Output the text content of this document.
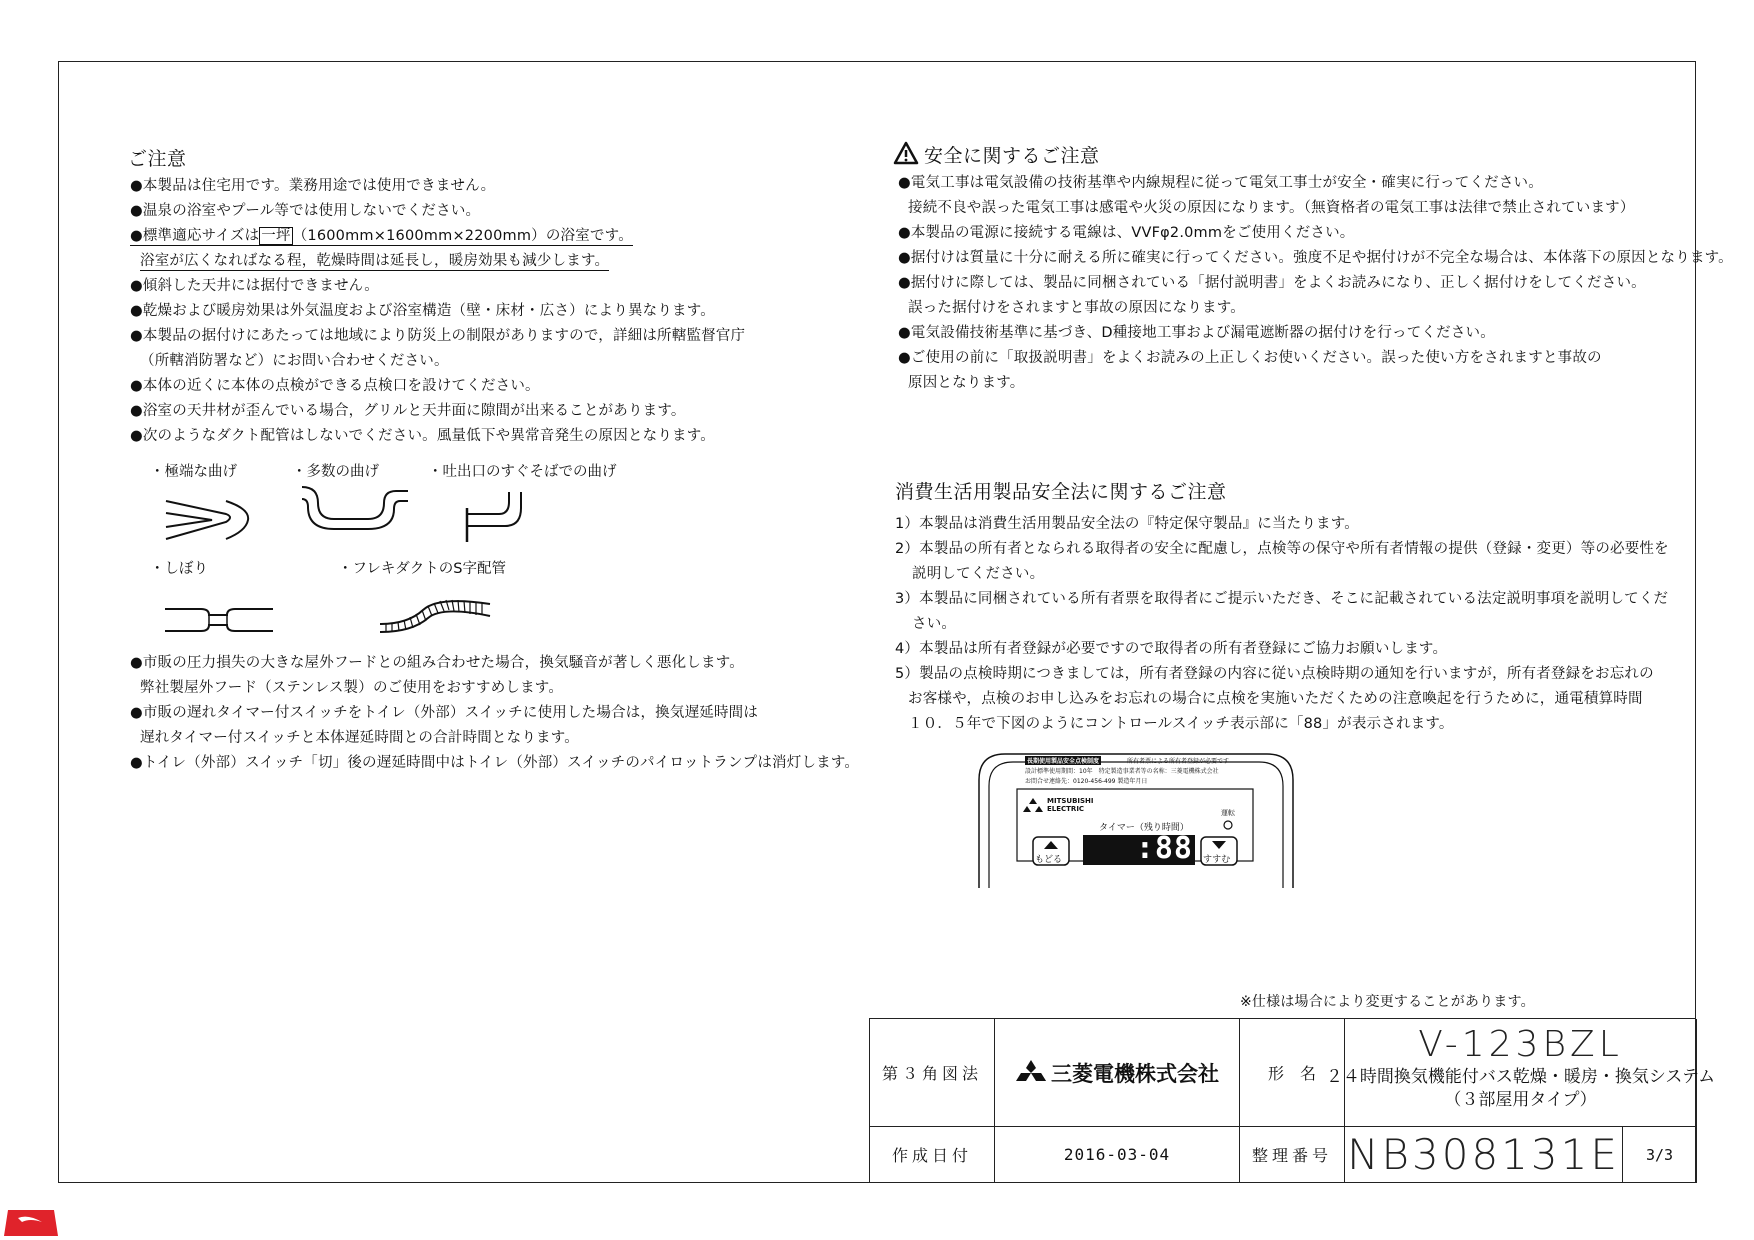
ご注意
●本製品は住宅用です。業務用途では使用できません。
●温泉の浴室やプール等では使用しないでください。
●標準適応サイズは 一坪 （1600mm×1600mm×2200mm）の浴室です。
浴室が広くなればなる程，乾燥時間は延長し，暖房効果も減少します。
●傾斜した天井には据付できません。
●乾燥および暖房効果は外気温度および浴室構造（壁・床材・広さ）により異なります。
●本製品の据付けにあたっては地域により防災上の制限がありますので，詳細は所轄監督官庁
（所轄消防署など）にお問い合わせください。
●本体の近くに本体の点検ができる点検口を設けてください。
●浴室の天井材が歪んでいる場合，グリルと天井面に隙間が出来ることがあります。
●次のようなダクト配管はしないでください。風量低下や異常音発生の原因となります。
・極端な曲げ	・多数の曲げ	・吐出口のすぐそばでの曲げ
・しぼり	・フレキダクトのS字配管
●市販の圧力損失の大きな屋外フードとの組み合わせた場合，換気騒音が著しく悪化します。
弊社製屋外フード（ステンレス製）のご使用をおすすめします。
●市販の遅れタイマー付スイッチをトイレ（外部）スイッチに使用した場合は，換気遅延時間は
遅れタイマー付スイッチと本体遅延時間との合計時間となります。
●トイレ（外部）スイッチ「切」後の遅延時間中はトイレ（外部）スイッチのパイロットランプは消灯します。
安全に関するご注意
●電気工事は電気設備の技術基準や内線規程に従って電気工事士が安全・確実に行ってください。
接続不良や誤った電気工事は感電や火災の原因になります。（無資格者の電気工事は法律で禁止されています）
●本製品の電源に接続する電線は、VVFφ2.0mmをご使用ください。
●据付けは質量に十分に耐える所に確実に行ってください。強度不足や据付けが不完全な場合は、本体落下の原因となります。
●据付けに際しては、製品に同梱されている「据付説明書」をよくお読みになり、正しく据付けをしてください。
誤った据付けをされますと事故の原因になります。
●電気設備技術基準に基づき、D種接地工事および漏電遮断器の据付けを行ってください。
●ご使用の前に「取扱説明書」をよくお読みの上正しくお使いください。誤った使い方をされますと事故の
原因となります。
消費生活用製品安全法に関するご注意
1）本製品は消費生活用製品安全法の『特定保守製品』に当たります。
2）本製品の所有者となられる取得者の安全に配慮し，点検等の保守や所有者情報の提供（登録・変更）等の必要性を
説明してください。
3）本製品に同梱されている所有者票を取得者にご提示いただき、そこに記載されている法定説明事項を説明してくだ
さい。
4）本製品は所有者登録が必要ですので取得者の所有者登録にご協力お願いします。
5）製品の点検時期につきましては，所有者登録の内容に従い点検時期の通知を行いますが，所有者登録をお忘れの
お客様や，点検のお申し込みをお忘れの場合に点検を実施いただくための注意喚起を行うために，通電積算時間
１０．５年で下図のようにコントロールスイッチ表示部に「88」が表示されます。
長期使用製品安全点検制度	所有者票による所有者登録が必要です
設計標準使用期間：10年　特定製造事業者等の名称：三菱電機株式会社
お問合せ連絡先：0120-456-499 製造年月日
MITSUBISHI ELECTRIC
タイマー（残り時間）
運転
もどる	すすむ
:88
※仕様は場合により変更することがあります。
第３角図法	三菱電機株式会社	形　名
V-123BZL
２４時間換気機能付バス乾燥・暖房・換気システム
（３部屋用タイプ）
作成日付	2016-03-04	整理番号 NB308131E	3/3
